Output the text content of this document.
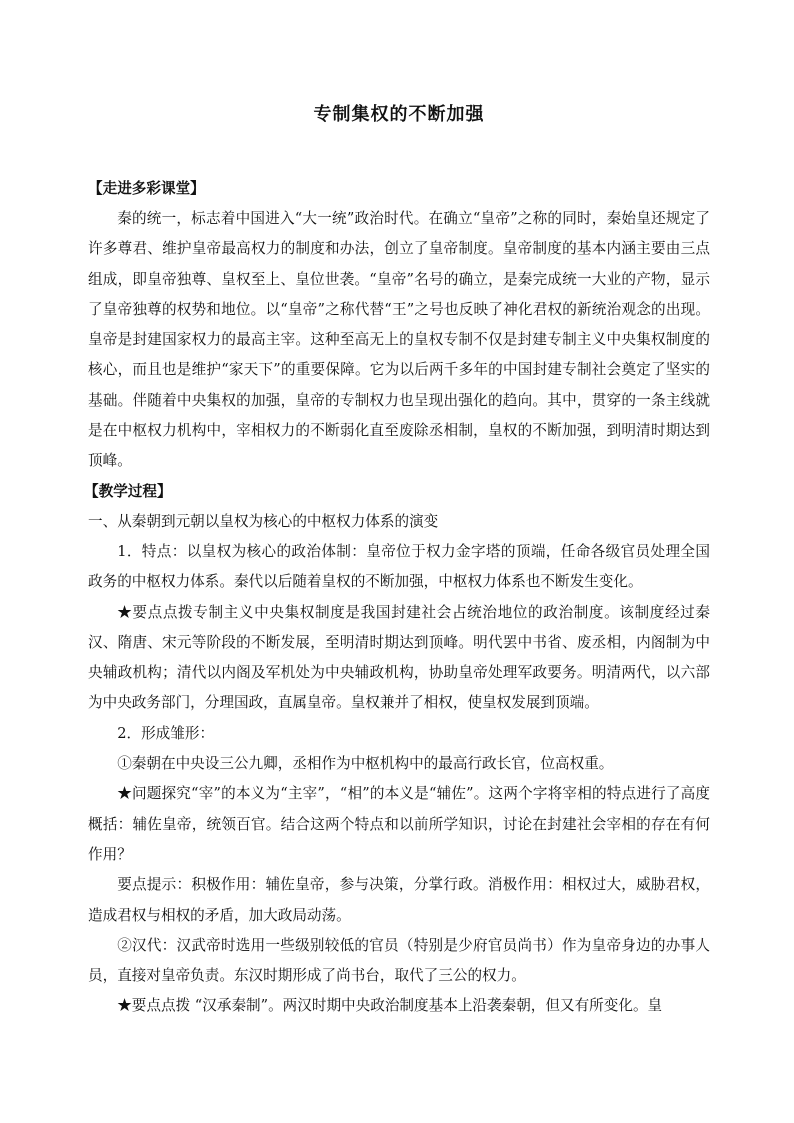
专制集权的不断加强
【走进多彩课堂】

秦的统一，标志着中国进入“大一统”政治时代。在确立“皇帝”之称的同时，秦始皇还规定了许多尊君、维护皇帝最高权力的制度和办法，创立了皇帝制度。皇帝制度的基本内涵主要由三点组成，即皇帝独尊、皇权至上、皇位世袭。“皇帝”名号的确立，是秦完成统一大业的产物，显示了皇帝独尊的权势和地位。以“皇帝”之称代替“王”之号也反映了神化君权的新统治观念的出现。皇帝是封建国家权力的最高主宰。这种至高无上的皇权专制不仅是封建专制主义中央集权制度的核心，而且也是维护“家天下”的重要保障。它为以后两千多年的中国封建专制社会奠定了坚实的基础。伴随着中央集权的加强，皇帝的专制权力也呈现出强化的趋向。其中，贯穿的一条主线就是在中枢权力机构中，宰相权力的不断弱化直至废除丞相制，皇权的不断加强，到明清时期达到顶峰。

【教学过程】

一、从秦朝到元朝以皇权为核心的中枢权力体系的演变

1．特点：以皇权为核心的政治体制：皇帝位于权力金字塔的顶端，任命各级官员处理全国政务的中枢权力体系。秦代以后随着皇权的不断加强，中枢权力体系也不断发生变化。

★要点点拨专制主义中央集权制度是我国封建社会占统治地位的政治制度。该制度经过秦汉、隋唐、宋元等阶段的不断发展，至明清时期达到顶峰。明代罢中书省、废丞相，内阁制为中央辅政机构；清代以内阁及军机处为中央辅政机构，协助皇帝处理军政要务。明清两代，以六部为中央政务部门，分理国政，直属皇帝。皇权兼并了相权，使皇权发展到顶端。

2．形成雏形：

①秦朝在中央设三公九卿，丞相作为中枢机构中的最高行政长官，位高权重。

★问题探究“宰”的本义为“主宰”，“相”的本义是“辅佐”。这两个字将宰相的特点进行了高度概括：辅佐皇帝，统领百官。结合这两个特点和以前所学知识，讨论在封建社会宰相的存在有何作用？

要点提示：积极作用：辅佐皇帝，参与决策，分掌行政。消极作用：相权过大，威胁君权，造成君权与相权的矛盾，加大政局动荡。

②汉代：汉武帝时选用一些级别较低的官员（特别是少府官员尚书）作为皇帝身边的办事人员，直接对皇帝负责。东汉时期形成了尚书台，取代了三公的权力。

★要点点拨 “汉承秦制”。两汉时期中央政治制度基本上沿袭秦朝，但又有所变化。皇
